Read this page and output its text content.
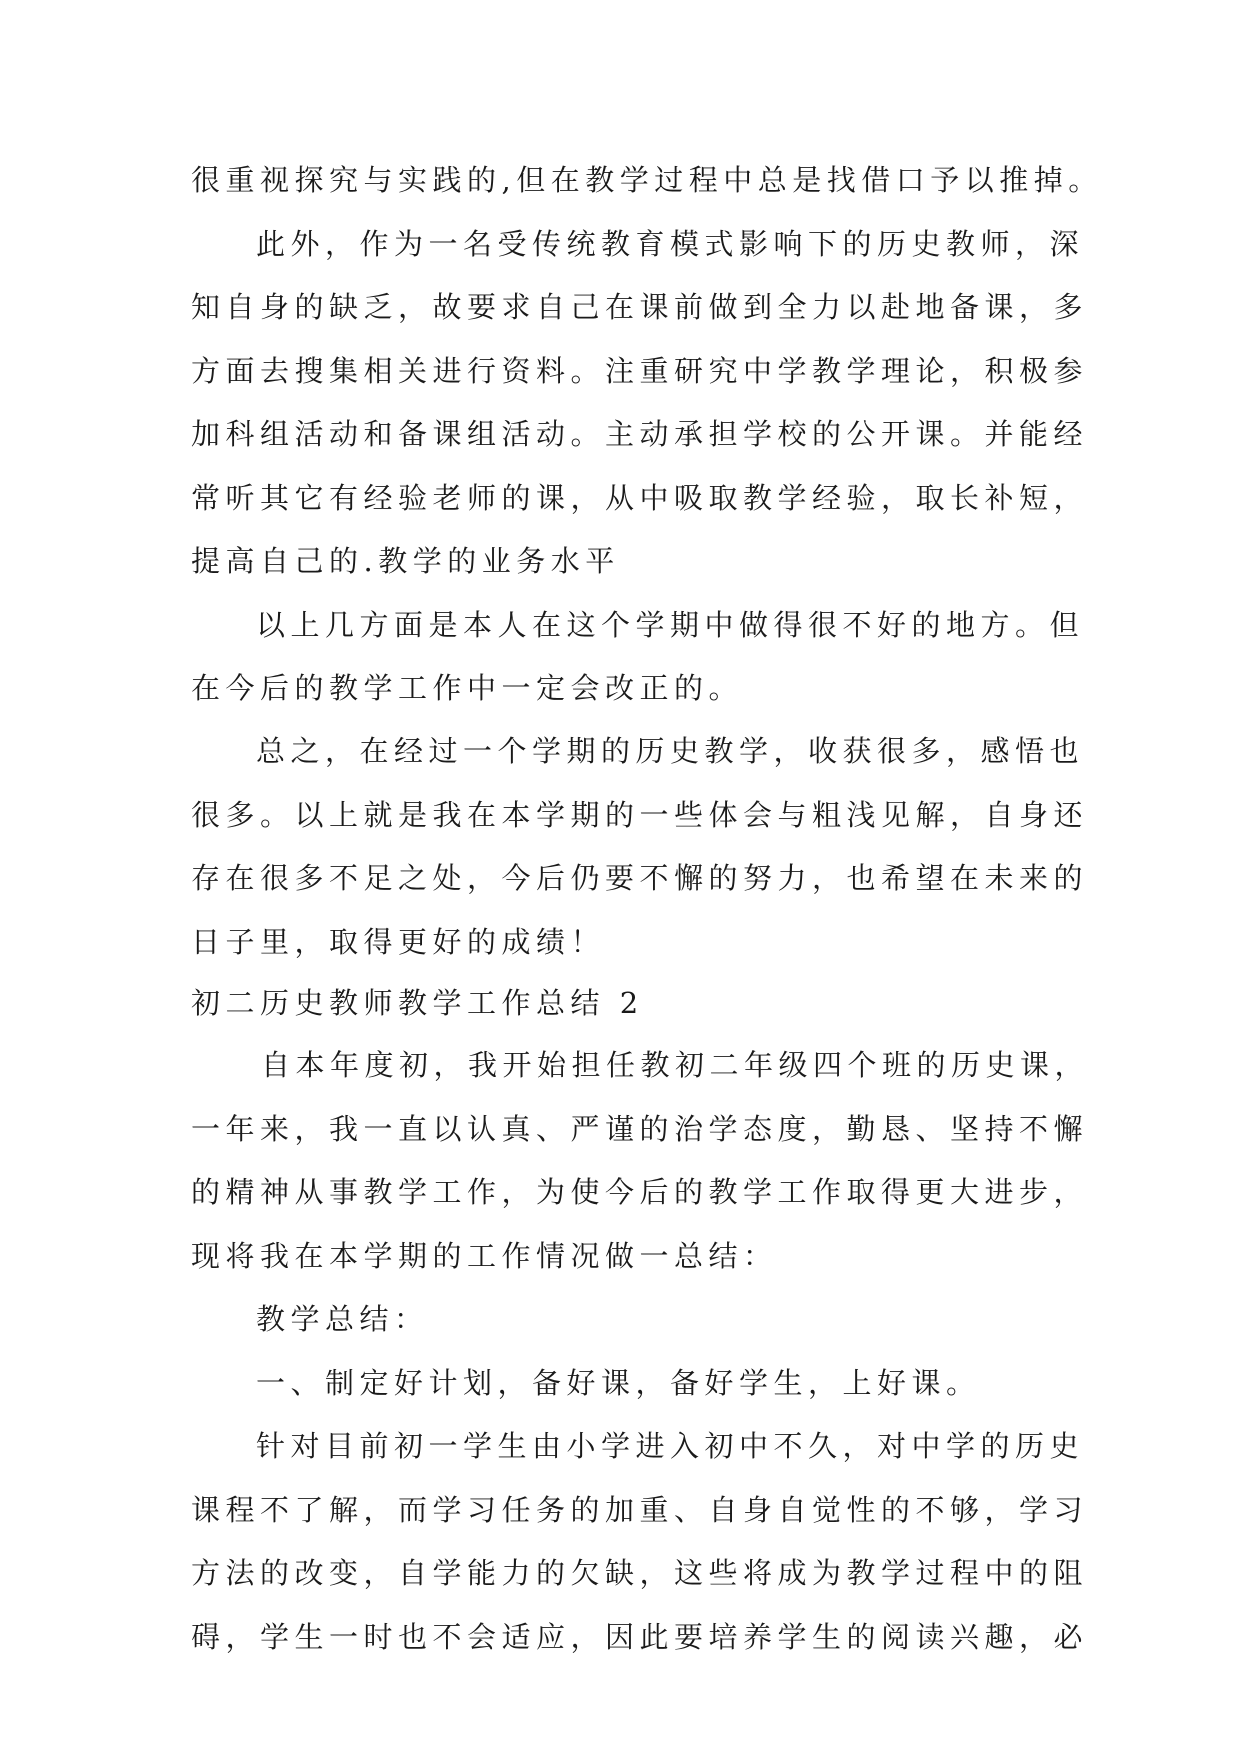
很重视探究与实践的,但在教学过程中总是找借口予以推掉。
此外，作为一名受传统教育模式影响下的历史教师，深
知自身的缺乏，故要求自己在课前做到全力以赴地备课，多
方面去搜集相关进行资料。注重研究中学教学理论，积极参
加科组活动和备课组活动。主动承担学校的公开课。并能经
常听其它有经验老师的课，从中吸取教学经验，取长补短，
提高自己的.教学的业务水平
以上几方面是本人在这个学期中做得很不好的地方。但
在今后的教学工作中一定会改正的。
总之，在经过一个学期的历史教学，收获很多，感悟也
很多。以上就是我在本学期的一些体会与粗浅见解，自身还
存在很多不足之处，今后仍要不懈的努力，也希望在未来的
日子里，取得更好的成绩！
初二历史教师教学工作总结 2
自本年度初，我开始担任教初二年级四个班的历史课，
一年来，我一直以认真、严谨的治学态度，勤恳、坚持不懈
的精神从事教学工作，为使今后的教学工作取得更大进步，
现将我在本学期的工作情况做一总结：
教学总结：
一、制定好计划，备好课，备好学生，上好课。
针对目前初一学生由小学进入初中不久，对中学的历史
课程不了解，而学习任务的加重、自身自觉性的不够，学习
方法的改变，自学能力的欠缺，这些将成为教学过程中的阻
碍，学生一时也不会适应，因此要培养学生的阅读兴趣，必
